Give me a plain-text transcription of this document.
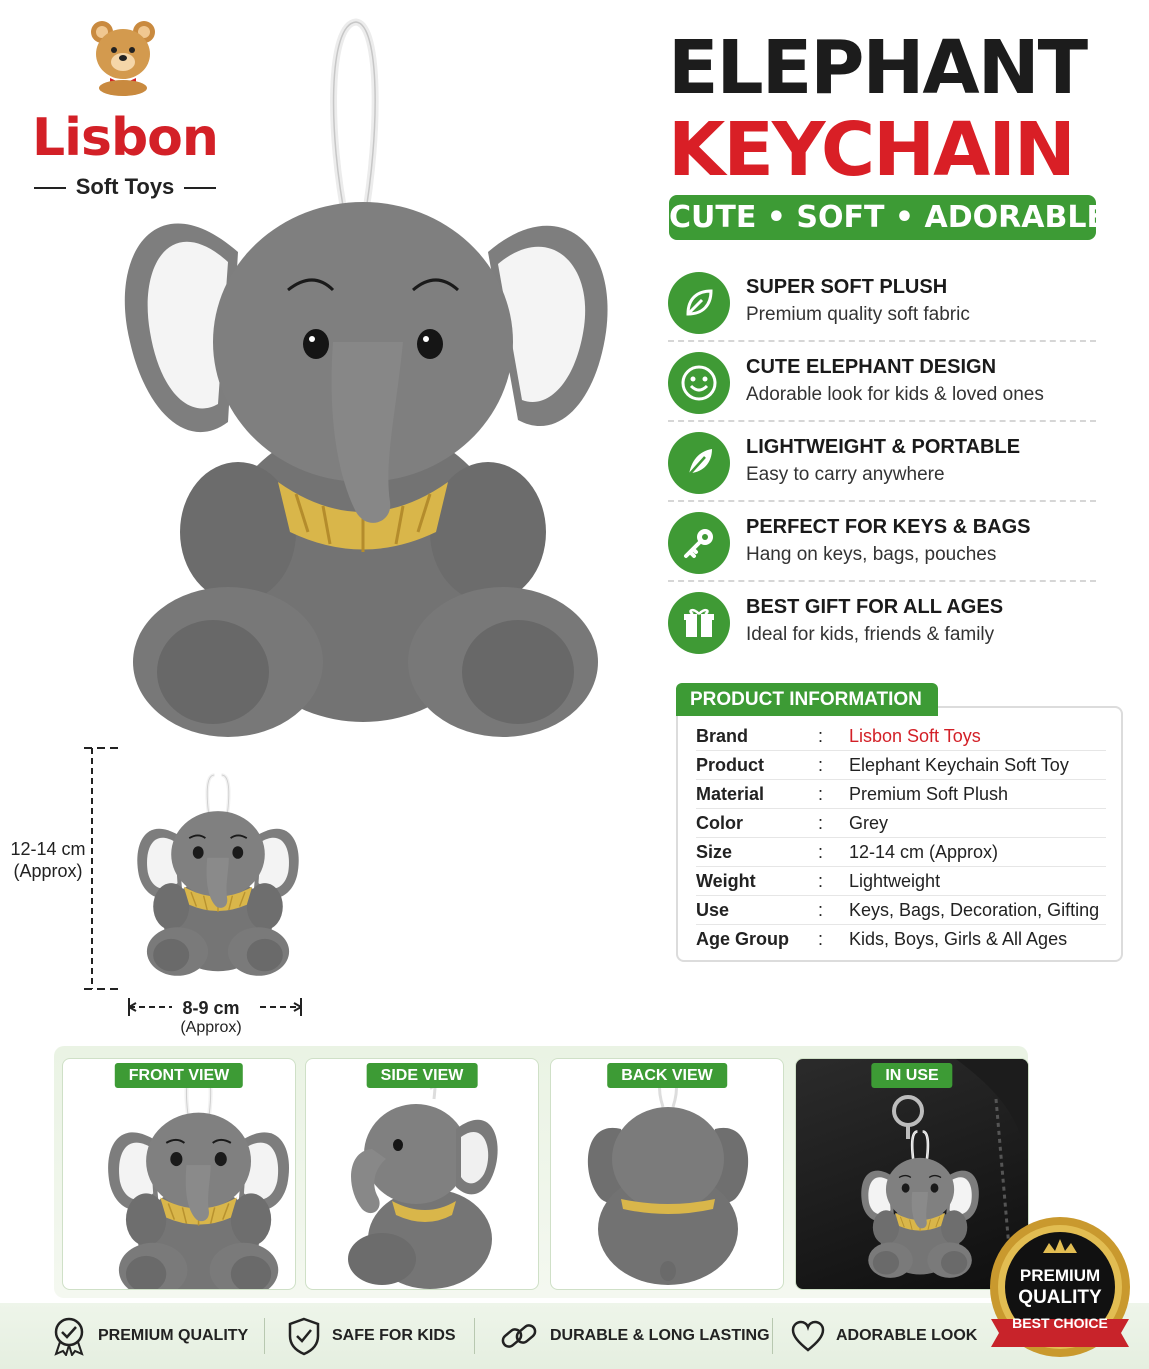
Lisbon
Soft Toys
ELEPHANT
KEYCHAIN
CUTE • SOFT • ADORABLE
SUPER SOFT PLUSH
Premium quality soft fabric
CUTE ELEPHANT DESIGN
Adorable look for kids & loved ones
LIGHTWEIGHT & PORTABLE
Easy to carry anywhere
PERFECT FOR KEYS & BAGS
Hang on keys, bags, pouches
BEST GIFT FOR ALL AGES
Ideal for kids, friends & family
PRODUCT INFORMATION
Brand	: Lisbon Soft Toys
Product	: Elephant Keychain Soft Toy
Material	: Premium Soft Plush
Color	: Grey
Size	: 12-14 cm (Approx)
Weight	: Lightweight
Use	: Keys, Bags, Decoration, Gifting
Age Group : Kids, Boys, Girls & All Ages
12-14 cm
(Approx)
8-9 cm
(Approx)
FRONT VIEW	SIDE VIEW	BACK VIEW	IN USE
PREMIUM QUALITY	SAFE FOR KIDS	DURABLE & LONG LASTING	ADORABLE LOOK
PREMIUM
QUALITY
BEST CHOICE
